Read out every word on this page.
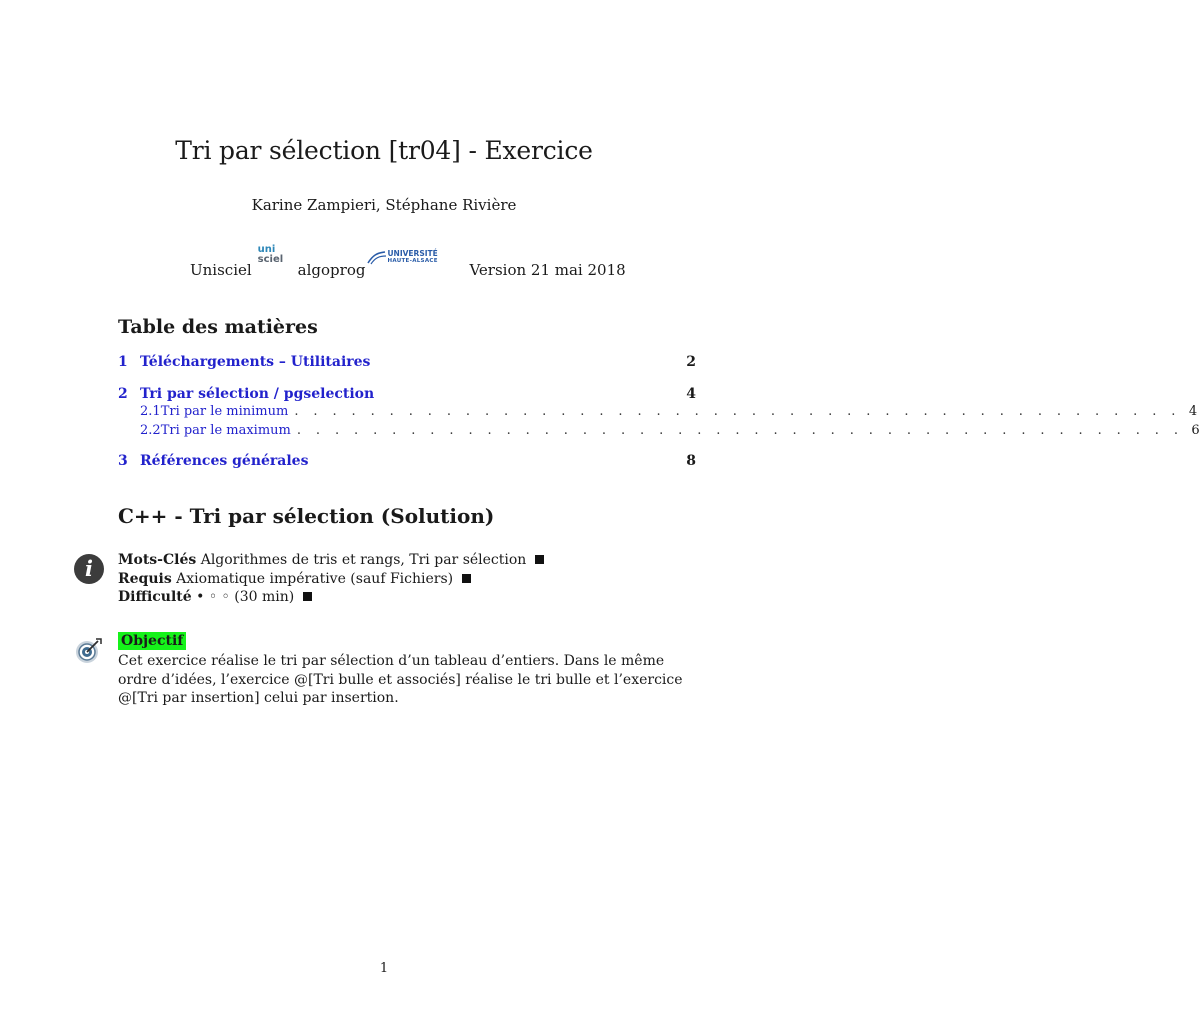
Tri par sélection [tr04] - Exercice
Karine Zampieri, Stéphane Rivière
Unisciel
uni
sciel
algoprog
UNIVERSITÉ
HAUTE-ALSACE Version 21 mai 2018
Table des matières
1 Téléchargements – Utilitaires	2
2 Tri par sélection / pgselection	4
2.1 Tri par le minimum . . . . . . . . . . . . . . . . . . . . . . . . . . . . . . . . . . . . . . . . . . . . . . . 4
2.2 Tri par le maximum . . . . . . . . . . . . . . . . . . . . . . . . . . . . . . . . . . . . . . . . . . . . . . . 6
3 Références générales	8
C++ - Tri par sélection (Solution)
i	Mots-Clés Algorithmes de tris et rangs, Tri par sélection
Requis Axiomatique impérative (sauf Fichiers)
Difficulté • ◦ ◦ (30 min)
Objectif
Cet exercice réalise le tri par sélection d’un tableau d’entiers. Dans le même ordre d’idées, l’exercice @[Tri bulle et associés] réalise le tri bulle et l’exercice @[Tri par insertion] celui par insertion.
1
